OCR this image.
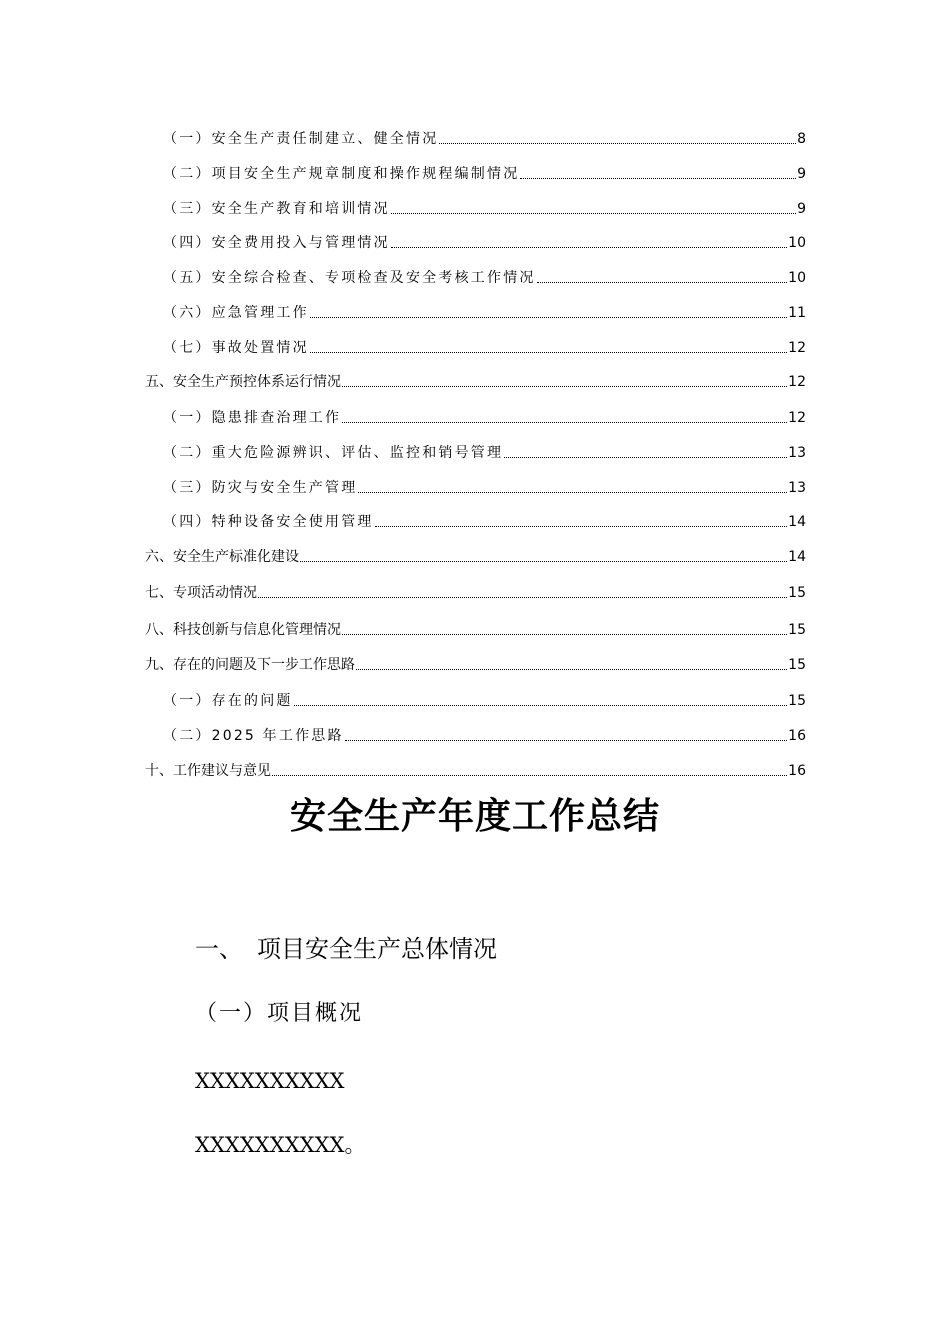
（一）安全生产责任制建立、健全情况	8
（二）项目安全生产规章制度和操作规程编制情况	9
（三）安全生产教育和培训情况	9
（四）安全费用投入与管理情况	10
（五）安全综合检查、专项检查及安全考核工作情况	10
（六）应急管理工作	11
（七）事故处置情况	12
五、安全生产预控体系运行情况	12
（一）隐患排查治理工作	12
（二）重大危险源辨识、评估、监控和销号管理	13
（三）防灾与安全生产管理	13
（四）特种设备安全使用管理	14
六、安全生产标准化建设	14
七、专项活动情况	15
八、科技创新与信息化管理情况	15
九、存在的问题及下一步工作思路	15
（一）存在的问题	15
（二）2025 年工作思路	16
十、工作建议与意见	16
安全生产年度工作总结
一、 项目安全生产总体情况
（一）项目概况
XXXXXXXXXX
XXXXXXXXXX。
